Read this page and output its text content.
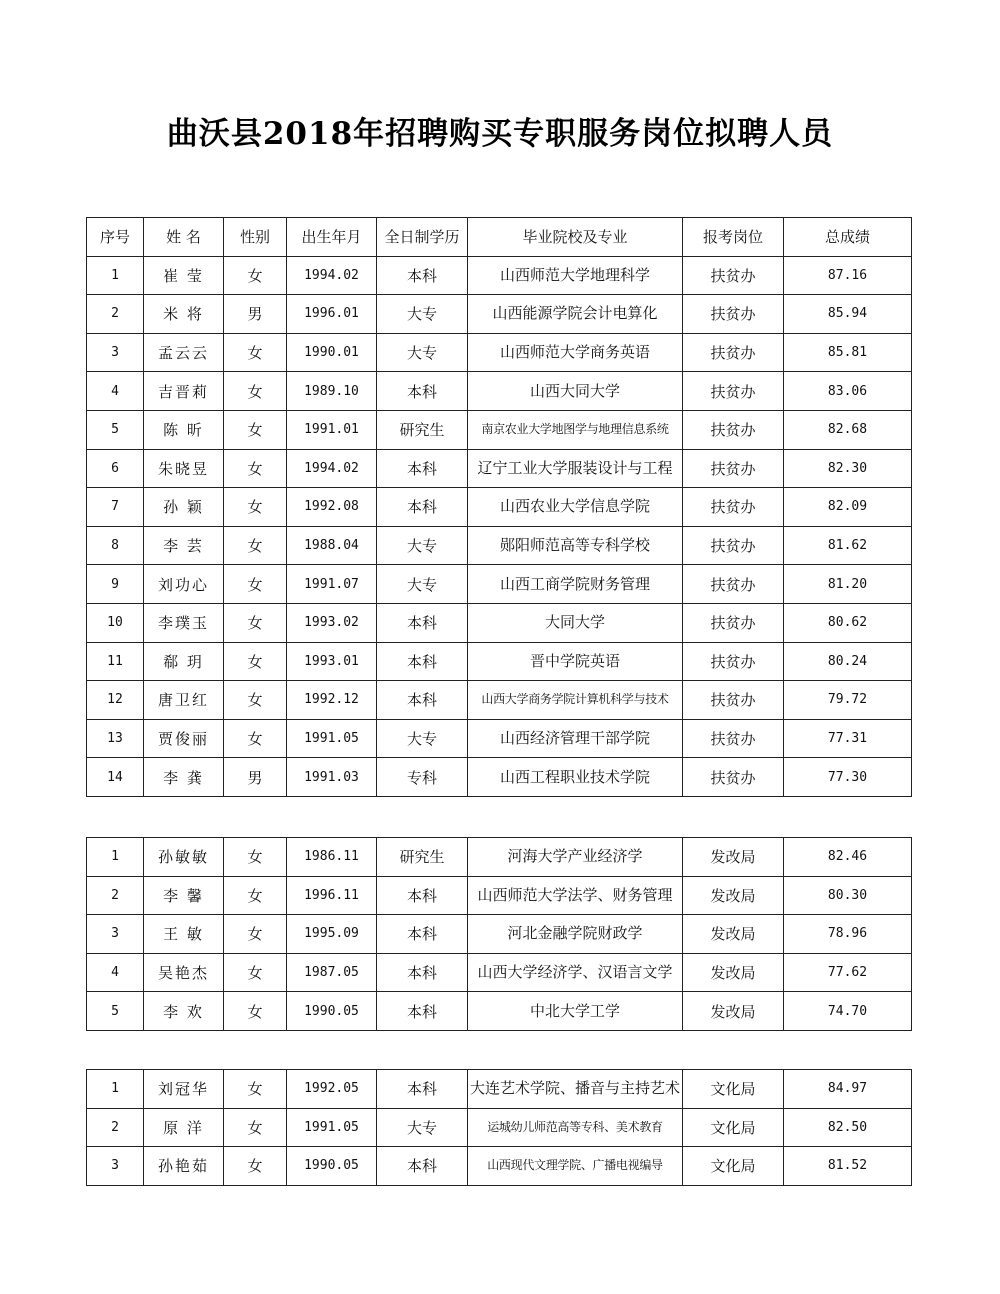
曲沃县2018年招聘购买专职服务岗位拟聘人员
序号	姓 名	性别	出生年月	全日制学历	毕业院校及专业	报考岗位	总成绩
1	崔 莹	女	1994.02	本科	山西师范大学地理科学	扶贫办	87.16
2	米 将	男	1996.01	大专	山西能源学院会计电算化	扶贫办	85.94
3	孟云云	女	1990.01	大专	山西师范大学商务英语	扶贫办	85.81
4	吉晋莉	女	1989.10	本科	山西大同大学	扶贫办	83.06
5	陈 昕	女	1991.01	研究生	南京农业大学地图学与地理信息系统	扶贫办	82.68
6	朱晓昱	女	1994.02	本科	辽宁工业大学服装设计与工程	扶贫办	82.30
7	孙 颖	女	1992.08	本科	山西农业大学信息学院	扶贫办	82.09
8	李 芸	女	1988.04	大专	郧阳师范高等专科学校	扶贫办	81.62
9	刘功心	女	1991.07	大专	山西工商学院财务管理	扶贫办	81.20
10	李璞玉	女	1993.02	本科	大同大学	扶贫办	80.62
11	郗 玥	女	1993.01	本科	晋中学院英语	扶贫办	80.24
12	唐卫红	女	1992.12	本科	山西大学商务学院计算机科学与技术	扶贫办	79.72
13	贾俊丽	女	1991.05	大专	山西经济管理干部学院	扶贫办	77.31
14	李 龚	男	1991.03	专科	山西工程职业技术学院	扶贫办	77.30
1	孙敏敏	女	1986.11	研究生	河海大学产业经济学	发改局	82.46
2	李 馨	女	1996.11	本科	山西师范大学法学、财务管理	发改局	80.30
3	王 敏	女	1995.09	本科	河北金融学院财政学	发改局	78.96
4	吴艳杰	女	1987.05	本科	山西大学经济学、汉语言文学	发改局	77.62
5	李 欢	女	1990.05	本科	中北大学工学	发改局	74.70
1	刘冠华	女	1992.05	本科	大连艺术学院、播音与主持艺术	文化局	84.97
2	原 洋	女	1991.05	大专	运城幼儿师范高等专科、美术教育	文化局	82.50
3	孙艳茹	女	1990.05	本科	山西现代文理学院、广播电视编导	文化局	81.52
